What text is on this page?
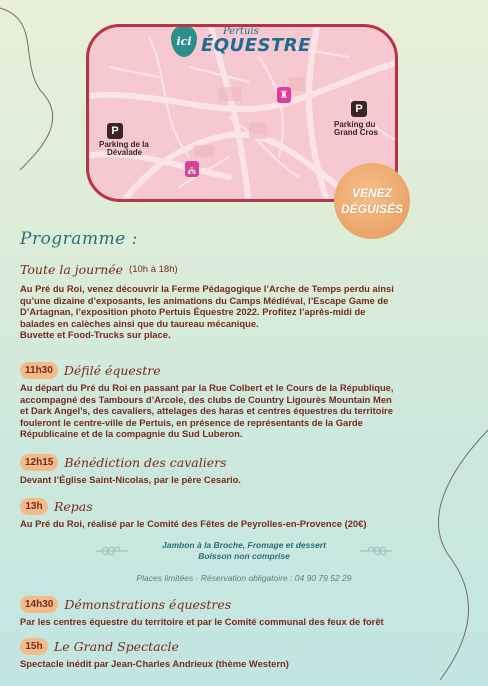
ici
Pertuis
ÉQUESTRE
♜
⛪
P
Parking de la
Dévalade
P
Parking du
Grand Cros
VENEZ
DÉGUISÉS
Programme :
Toute la journée (10h à 18h)
Au Pré du Roi, venez découvrir la Ferme Pédagogique l’Arche de Temps perdu ainsi
qu’une dizaine d’exposants, les animations du Camps Médiéval, l’Escape Game de
D’Artagnan, l’exposition photo Pertuis Équestre 2022. Profitez l’après-midi de
balades en calèches ainsi que du taureau mécanique.
Buvette et Food-Trucks sur place.
11h30 Défilé équestre
Au départ du Pré du Roi en passant par la Rue Colbert et le Cours de la République,
accompagné des Tambours d’Arcole, des clubs de Country Ligourès Mountain Men
et Dark Angel’s, des cavaliers, attelages des haras et centres équestres du territoire
fouleront le centre-ville de Pertuis, en présence de représentants de la Garde
Républicaine et de la compagnie du Sud Luberon.
12h15 Bénédiction des cavaliers
Devant l’Église Saint-Nicolas, par le père Cesario.
13h Repas
Au Pré du Roi, réalisé par le Comité des Fêtes de Peyrolles-en-Provence (20€)
Jambon à la Broche, Fromage et dessert
Boisson non comprise
Places limitées · Réservation obligatoire : 04 90 79 52 29
14h30 Démonstrations équestres
Par les centres équestre du territoire et par le Comité communal des feux de forêt
15h Le Grand Spectacle
Spectacle inédit par Jean-Charles Andrieux (thème Western)
